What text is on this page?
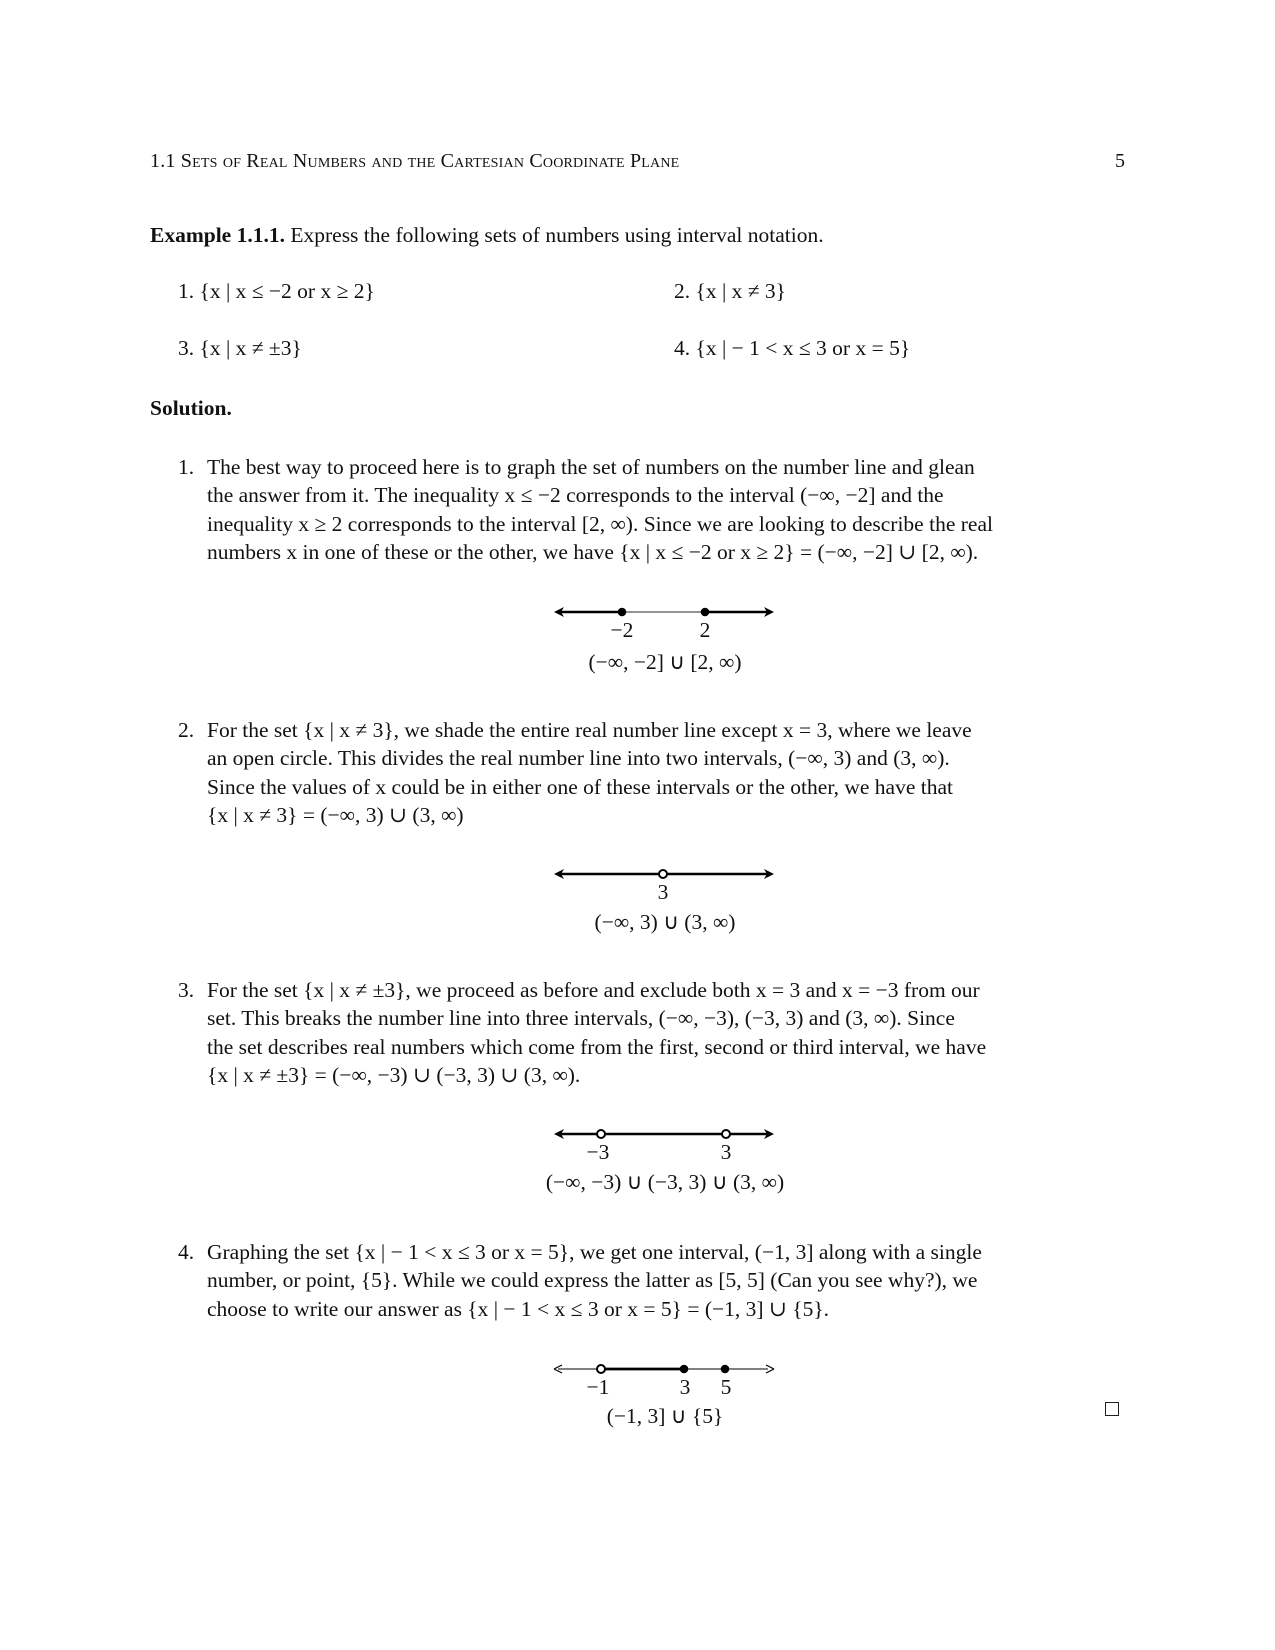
1.1 Sets of Real Numbers and the Cartesian Coordinate Plane	5
Example 1.1.1. Express the following sets of numbers using interval notation.
1. {x | x ≤ −2 or x ≥ 2}	2. {x | x ≠ 3}
3. {x | x ≠ ±3}	4. {x | − 1 < x ≤ 3 or x = 5}
Solution.
1. The best way to proceed here is to graph the set of numbers on the number line and glean
the answer from it. The inequality x ≤ −2 corresponds to the interval (−∞, −2] and the
inequality x ≥ 2 corresponds to the interval [2, ∞). Since we are looking to describe the real
numbers x in one of these or the other, we have {x | x ≤ −2 or x ≥ 2} = (−∞, −2] ∪ [2, ∞).
−2	2
(−∞, −2] ∪ [2, ∞)
2. For the set {x | x ≠ 3}, we shade the entire real number line except x = 3, where we leave
an open circle. This divides the real number line into two intervals, (−∞, 3) and (3, ∞).
Since the values of x could be in either one of these intervals or the other, we have that
{x | x ≠ 3} = (−∞, 3) ∪ (3, ∞)
3
(−∞, 3) ∪ (3, ∞)
3. For the set {x | x ≠ ±3}, we proceed as before and exclude both x = 3 and x = −3 from our
set. This breaks the number line into three intervals, (−∞, −3), (−3, 3) and (3, ∞). Since
the set describes real numbers which come from the first, second or third interval, we have
{x | x ≠ ±3} = (−∞, −3) ∪ (−3, 3) ∪ (3, ∞).
−3	3
(−∞, −3) ∪ (−3, 3) ∪ (3, ∞)
4. Graphing the set {x | − 1 < x ≤ 3 or x = 5}, we get one interval, (−1, 3] along with a single
number, or point, {5}. While we could express the latter as [5, 5] (Can you see why?), we
choose to write our answer as {x | − 1 < x ≤ 3 or x = 5} = (−1, 3] ∪ {5}.
−1	3 5
(−1, 3] ∪ {5}
